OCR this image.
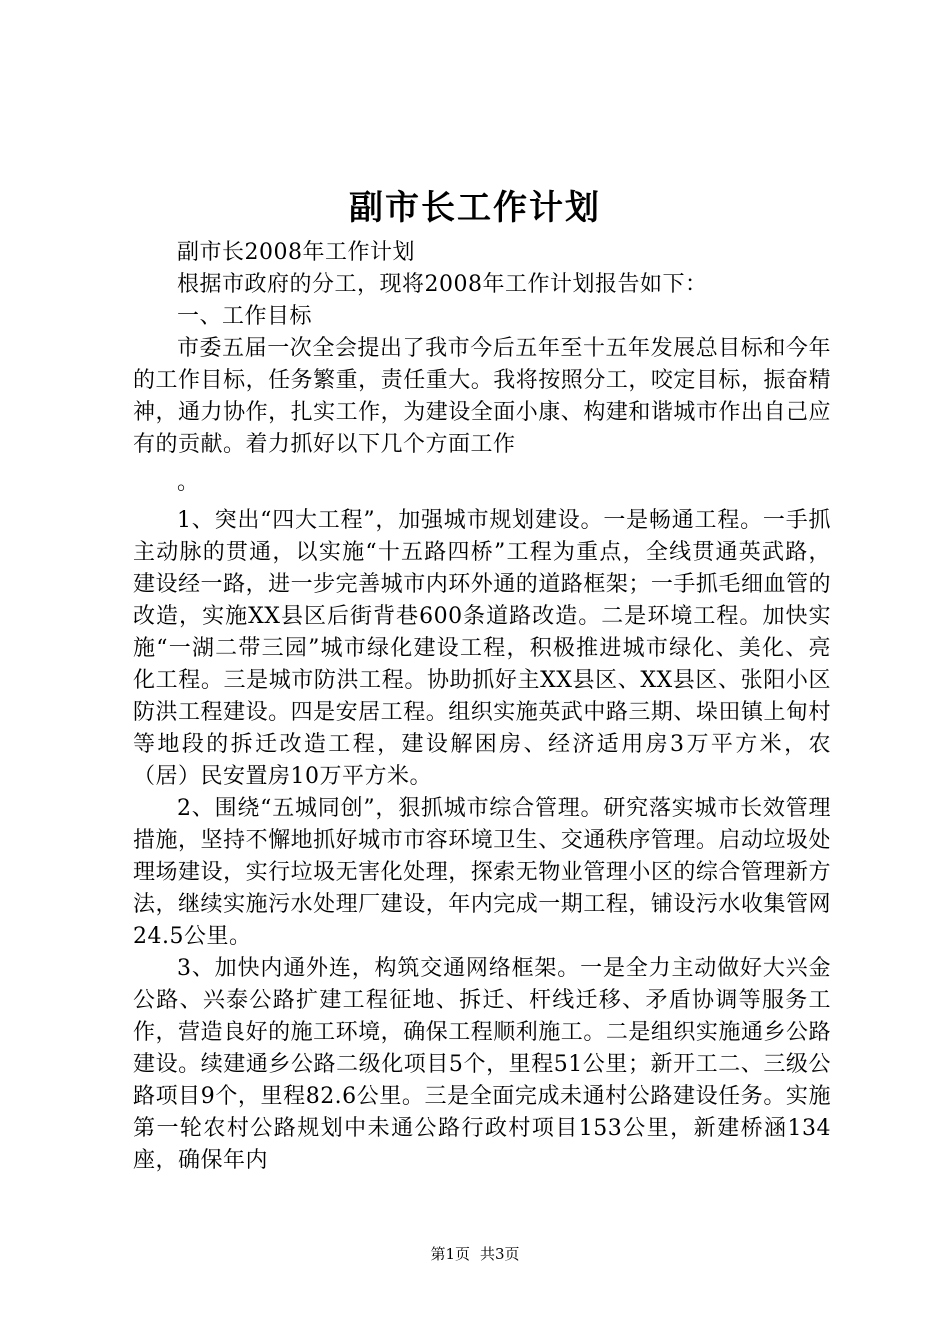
副市长工作计划

副市长2008年工作计划

根据市政府的分工，现将2008年工作计划报告如下：

一、工作目标

市委五届一次全会提出了我市今后五年至十五年发展总目标和今年的工作目标，任务繁重，责任重大。我将按照分工，咬定目标，振奋精神，通力协作，扎实工作，为建设全面小康、构建和谐城市作出自己应有的贡献。着力抓好以下几个方面工作

。

1、突出“四大工程”，加强城市规划建设。一是畅通工程。一手抓主动脉的贯通，以实施“十五路四桥”工程为重点，全线贯通英武路，建设经一路，进一步完善城市内环外通的道路框架；一手抓毛细血管的改造，实施XX县区后街背巷600条道路改造。二是环境工程。加快实施“一湖二带三园”城市绿化建设工程，积极推进城市绿化、美化、亮化工程。三是城市防洪工程。协助抓好主XX县区、XX县区、张阳小区防洪工程建设。四是安居工程。组织实施英武中路三期、垛田镇上甸村等地段的拆迁改造工程，建设解困房、经济适用房3万平方米，农（居）民安置房10万平方米。

2、围绕“五城同创”，狠抓城市综合管理。研究落实城市长效管理措施，坚持不懈地抓好城市市容环境卫生、交通秩序管理。启动垃圾处理场建设，实行垃圾无害化处理，探索无物业管理小区的综合管理新方法，继续实施污水处理厂建设，年内完成一期工程，铺设污水收集管网24.5公里。

3、加快内通外连，构筑交通网络框架。一是全力主动做好大兴金公路、兴泰公路扩建工程征地、拆迁、杆线迁移、矛盾协调等服务工作，营造良好的施工环境，确保工程顺利施工。二是组织实施通乡公路建设。续建通乡公路二级化项目5个，里程51公里；新开工二、三级公路项目9个，里程82.6公里。三是全面完成未通村公路建设任务。实施第一轮农村公路规划中未通公路行政村项目153公里，新建桥涵134座，确保年内

第1页 共3页
